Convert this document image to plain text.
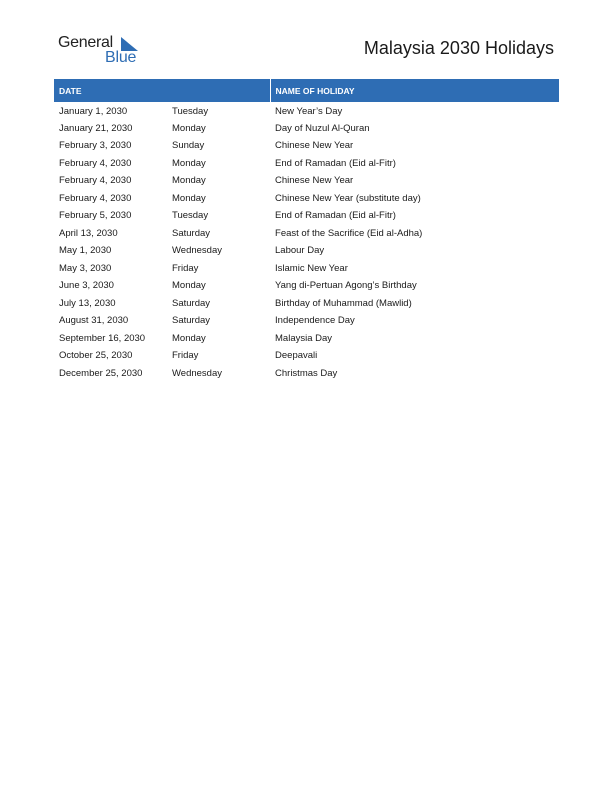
General
Blue	Malaysia 2030 Holidays
DATE		NAME OF HOLIDAY
January 1, 2030	Tuesday	New Year’s Day
January 21, 2030	Monday	Day of Nuzul Al-Quran
February 3, 2030	Sunday	Chinese New Year
February 4, 2030	Monday	End of Ramadan (Eid al-Fitr)
February 4, 2030	Monday	Chinese New Year
February 4, 2030	Monday	Chinese New Year (substitute day)
February 5, 2030	Tuesday	End of Ramadan (Eid al-Fitr)
April 13, 2030	Saturday	Feast of the Sacrifice (Eid al-Adha)
May 1, 2030	Wednesday	Labour Day
May 3, 2030	Friday	Islamic New Year
June 3, 2030	Monday	Yang di-Pertuan Agong’s Birthday
July 13, 2030	Saturday	Birthday of Muhammad (Mawlid)
August 31, 2030	Saturday	Independence Day
September 16, 2030	Monday	Malaysia Day
October 25, 2030	Friday	Deepavali
December 25, 2030	Wednesday	Christmas Day
